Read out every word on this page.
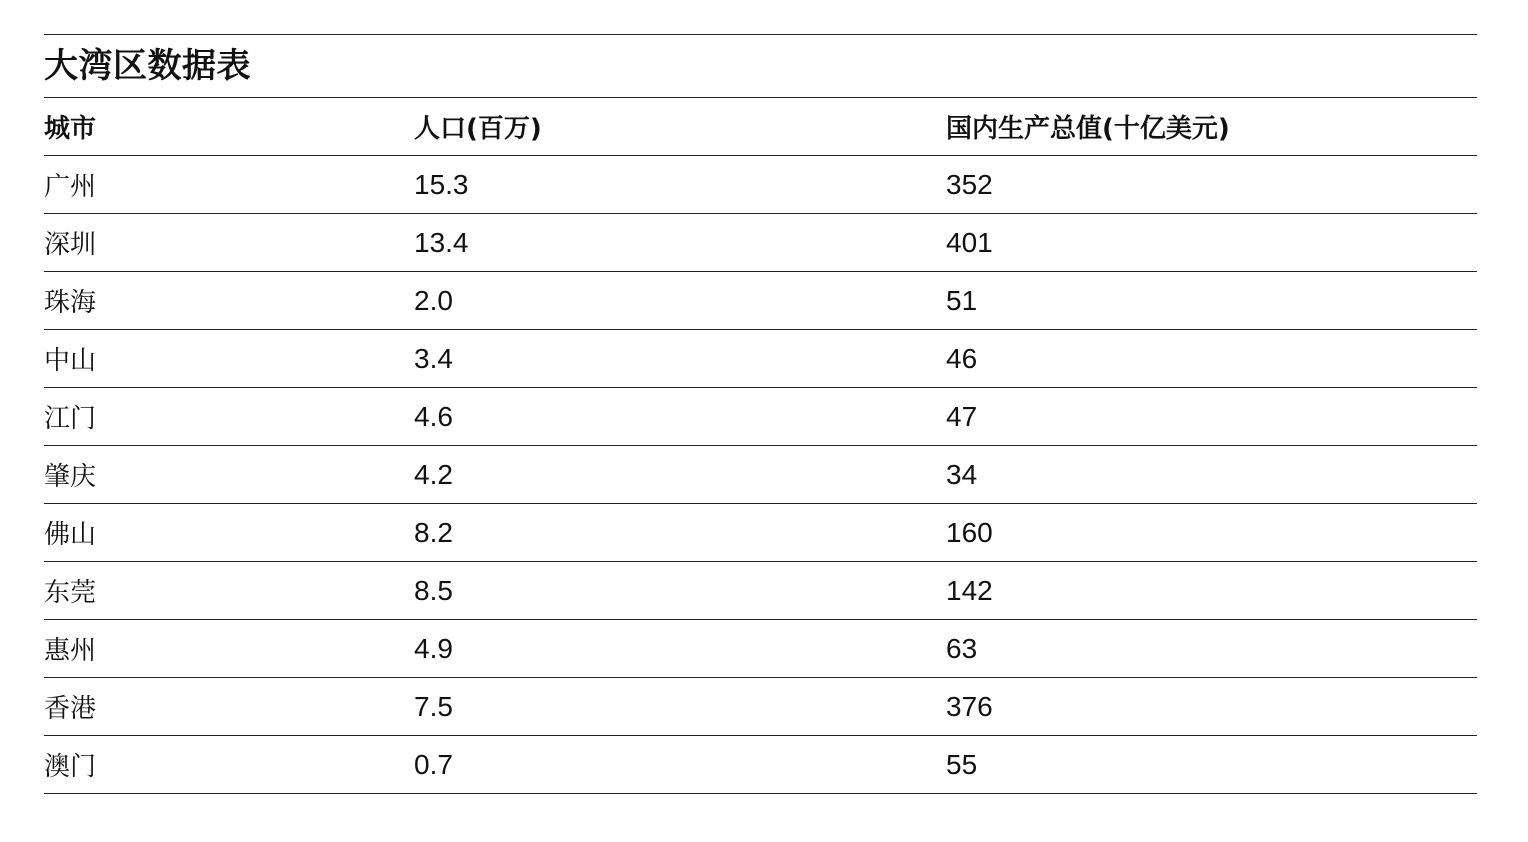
大湾区数据表
城市	人口(百万)	国内生产总值(十亿美元)
广州	15.3	352
深圳	13.4	401
珠海	2.0	51
中山	3.4	46
江门	4.6	47
肇庆	4.2	34
佛山	8.2	160
东莞	8.5	142
惠州	4.9	63
香港	7.5	376
澳门	0.7	55
